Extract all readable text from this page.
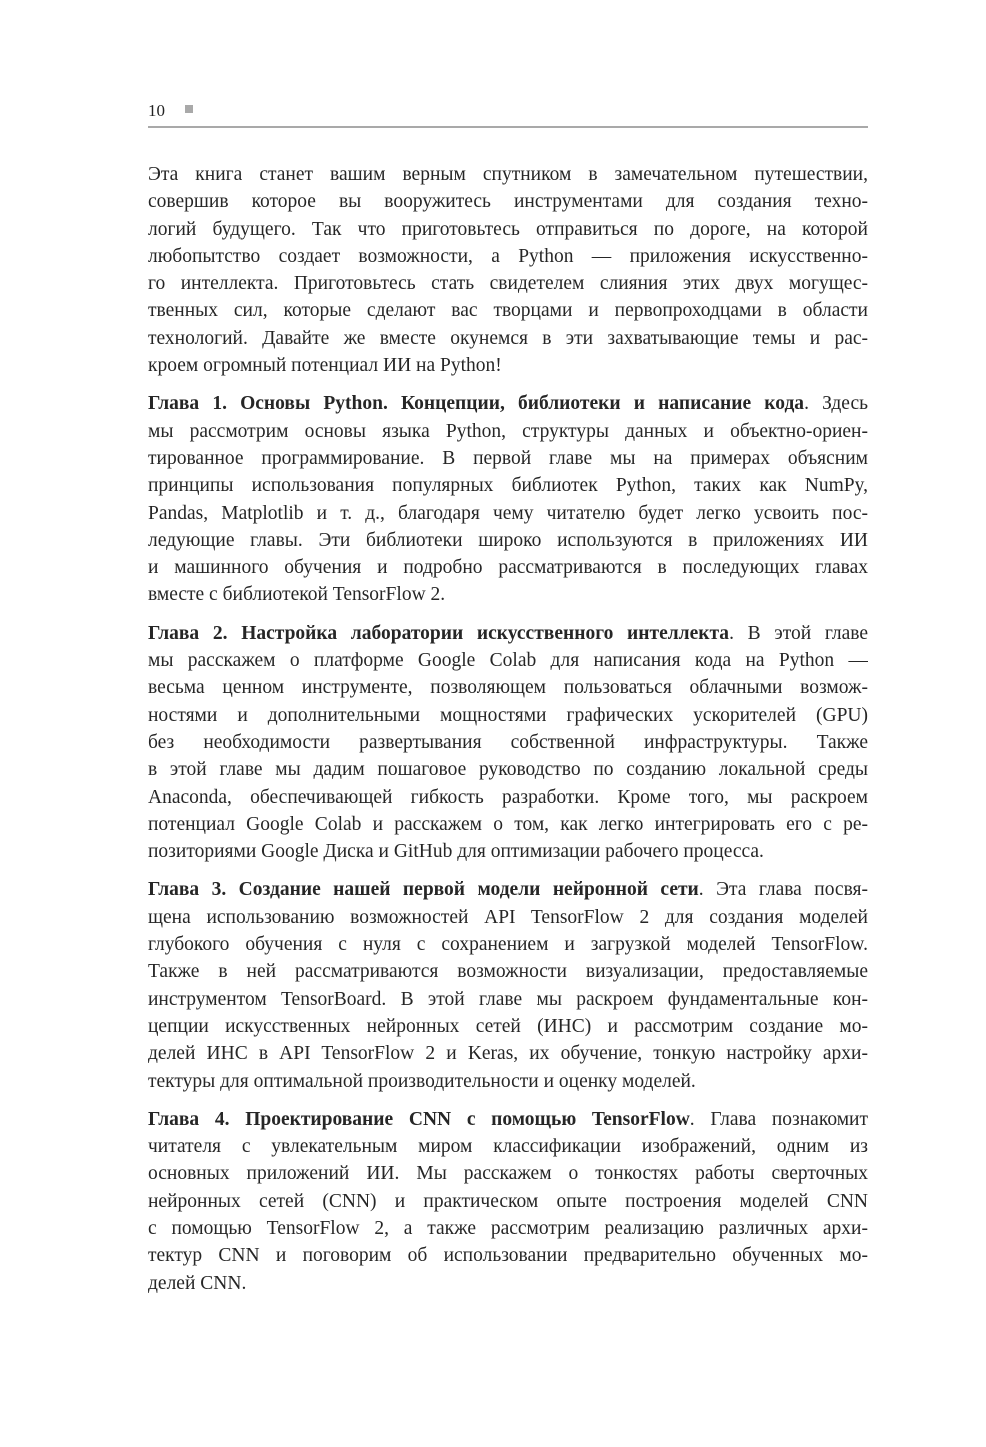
10
Эта книга станет вашим верным спутником в замечательном путешествии,
совершив которое вы вооружитесь инструментами для создания техно-
логий будущего. Так что приготовьтесь отправиться по дороге, на которой
любопытство создает возможности, а Python — приложения искусственно-
го интеллекта. Приготовьтесь стать свидетелем слияния этих двух могущес-
твенных сил, которые сделают вас творцами и первопроходцами в области
технологий. Давайте же вместе окунемся в эти захватывающие темы и рас-
кроем огромный потенциал ИИ на Python!
Глава 1. Основы Python. Концепции, библиотеки и написание кода. Здесь
мы рассмотрим основы языка Python, структуры данных и объектно-ориен-
тированное программирование. В первой главе мы на примерах объясним
принципы использования популярных библиотек Python, таких как NumPy,
Pandas, Matplotlib и т. д., благодаря чему читателю будет легко усвоить пос-
ледующие главы. Эти библиотеки широко используются в приложениях ИИ
и машинного обучения и подробно рассматриваются в последующих главах
вместе с библиотекой TensorFlow 2.
Глава 2. Настройка лаборатории искусственного интеллекта. В этой главе
мы расскажем о платформе Google Colab для написания кода на Python —
весьма ценном инструменте, позволяющем пользоваться облачными возмож-
ностями и дополнительными мощностями графических ускорителей (GPU)
без необходимости развертывания собственной инфраструктуры. Также
в этой главе мы дадим пошаговое руководство по созданию локальной среды
Anaconda, обеспечивающей гибкость разработки. Кроме того, мы раскроем
потенциал Google Colab и расскажем о том, как легко интегрировать его с ре-
позиториями Google Диска и GitHub для оптимизации рабочего процесса.
Глава 3. Создание нашей первой модели нейронной сети. Эта глава посвя-
щена использованию возможностей API TensorFlow 2 для создания моделей
глубокого обучения с нуля с сохранением и загрузкой моделей TensorFlow.
Также в ней рассматриваются возможности визуализации, предоставляемые
инструментом TensorBoard. В этой главе мы раскроем фундаментальные кон-
цепции искусственных нейронных сетей (ИНС) и рассмотрим создание мо-
делей ИНС в API TensorFlow 2 и Keras, их обучение, тонкую настройку архи-
тектуры для оптимальной производительности и оценку моделей.
Глава 4. Проектирование CNN с помощью TensorFlow. Глава познакомит
читателя с увлекательным миром классификации изображений, одним из
основных приложений ИИ. Мы расскажем о тонкостях работы сверточных
нейронных сетей (CNN) и практическом опыте построения моделей CNN
с помощью TensorFlow 2, а также рассмотрим реализацию различных архи-
тектур CNN и поговорим об использовании предварительно обученных мо-
делей CNN.
